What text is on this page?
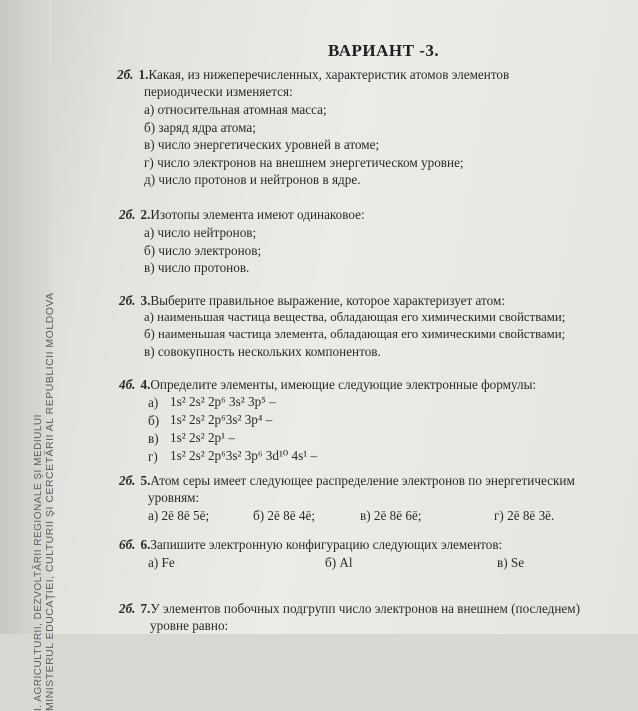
MINISTERUL EDUCAŢIEI, CULTURII ŞI CERCETĂRII AL REPUBLICII MOLDOVA
I. AGRICULTURII, DEZVOLTĂRII REGIONALE ŞI MEDIULUI
ВАРИАНТ -3.
2б. 1.Какая, из нижеперечисленных, характеристик атомов элементов
периодически изменяется:
а) относительная атомная масса;
б) заряд ядра атома;
в) число энергетических уровней в атоме;
г) число электронов на внешнем энергетическом уровне;
д) число протонов и нейтронов в ядре.
2б. 2.Изотопы элемента имеют одинаковое:
а) число нейтронов;
б) число электронов;
в) число протонов.
2б. 3.Выберите правильное выражение, которое характеризует атом:
а) наименьшая частица вещества, обладающая его химическими свойствами;
б) наименьшая частица элемента, обладающая его химическими свойствами;
в) совокупность нескольких компонентов.
4б. 4.Определите элементы, имеющие следующие электронные формулы:
а) 1s² 2s² 2p⁶ 3s² 3p⁵ –
б) 1s² 2s² 2p⁶3s² 3p⁴ –
в) 1s² 2s² 2p¹ –
г) 1s² 2s² 2p⁶3s² 3p⁶ 3d¹⁰ 4s¹ –
2б. 5.Атом серы имеет следующее распределение электронов по энергетическим
уровням:
а) 2ē 8ē 5ē;	б) 2ē 8ē 4ē;	в) 2ē 8ē 6ē;	г) 2ē 8ē 3ē.
6б. 6.Запишите электронную конфигурацию следующих элементов:
а) Fe	б) Al	в) Se
2б. 7.У элементов побочных подгрупп число электронов на внешнем (последнем)
уровне равно:
